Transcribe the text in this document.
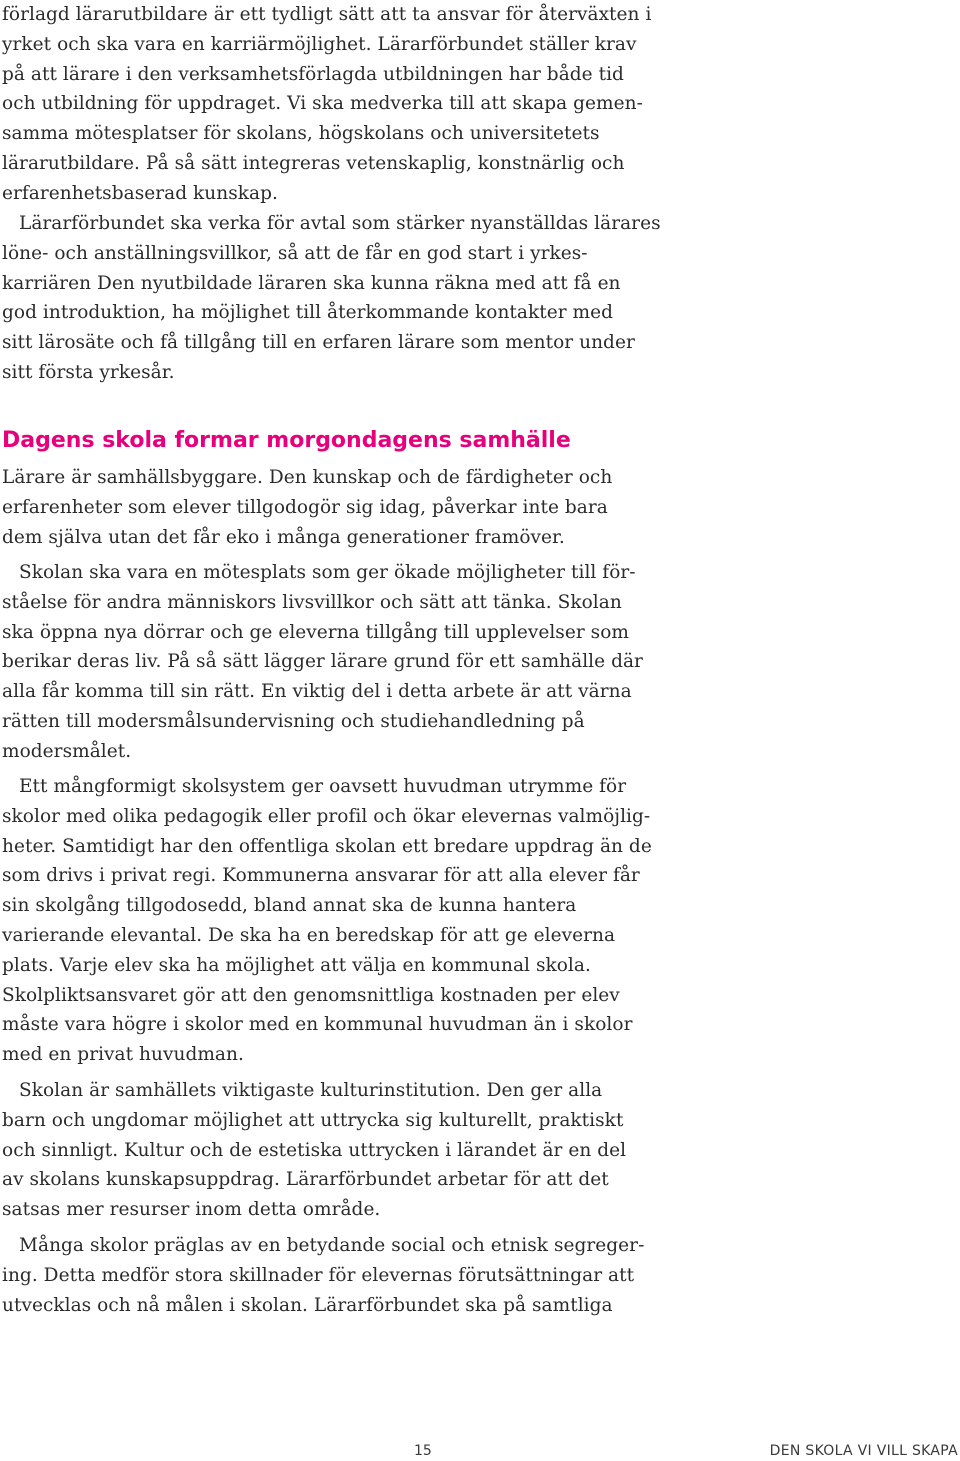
förlagd lärarutbildare är ett tydligt sätt att ta ansvar för återväxten i
yrket och ska vara en karriärmöjlighet. Lärarförbundet ställer krav
på att lärare i den verksamhetsförlagda utbildningen har både tid
och utbildning för uppdraget. Vi ska medverka till att skapa gemen-
samma mötesplatser för skolans, högskolans och universitetets
lärarutbildare. På så sätt integreras vetenskaplig, konstnärlig och
erfarenhetsbaserad kunskap.
Lärarförbundet ska verka för avtal som stärker nyanställdas lärares
löne- och anställningsvillkor, så att de får en god start i yrkes-
karriären Den nyutbildade läraren ska kunna räkna med att få en
god introduktion, ha möjlighet till återkommande kontakter med
sitt lärosäte och få tillgång till en erfaren lärare som mentor under
sitt första yrkesår.
Dagens skola formar morgondagens samhälle
Lärare är samhällsbyggare. Den kunskap och de färdigheter och
erfarenheter som elever tillgodogör sig idag, påverkar inte bara
dem själva utan det får eko i många generationer framöver.
Skolan ska vara en mötesplats som ger ökade möjligheter till för-
ståelse för andra människors livsvillkor och sätt att tänka. Skolan
ska öppna nya dörrar och ge eleverna tillgång till upplevelser som
berikar deras liv. På så sätt lägger lärare grund för ett samhälle där
alla får komma till sin rätt. En viktig del i detta arbete är att värna
rätten till modersmålsundervisning och studiehandledning på
modersmålet.
Ett mångformigt skolsystem ger oavsett huvudman utrymme för
skolor med olika pedagogik eller profil och ökar elevernas valmöjlig-
heter. Samtidigt har den offentliga skolan ett bredare uppdrag än de
som drivs i privat regi. Kommunerna ansvarar för att alla elever får
sin skolgång tillgodosedd, bland annat ska de kunna hantera
varierande elevantal. De ska ha en beredskap för att ge eleverna
plats. Varje elev ska ha möjlighet att välja en kommunal skola.
Skolpliktsansvaret gör att den genomsnittliga kostnaden per elev
måste vara högre i skolor med en kommunal huvudman än i skolor
med en privat huvudman.
Skolan är samhällets viktigaste kulturinstitution. Den ger alla
barn och ungdomar möjlighet att uttrycka sig kulturellt, praktiskt
och sinnligt. Kultur och de estetiska uttrycken i lärandet är en del
av skolans kunskapsuppdrag. Lärarförbundet arbetar för att det
satsas mer resurser inom detta område.
Många skolor präglas av en betydande social och etnisk segreger-
ing. Detta medför stora skillnader för elevernas förutsättningar att
utvecklas och nå målen i skolan. Lärarförbundet ska på samtliga
15	DEN SKOLA VI VILL SKAPA
